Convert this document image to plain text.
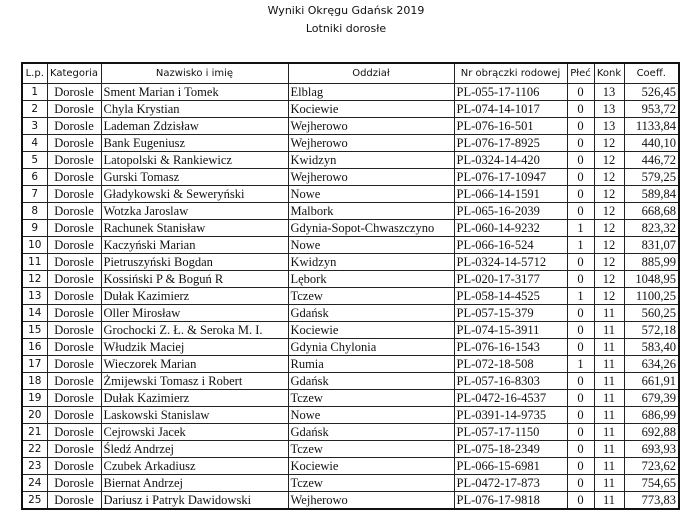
Wyniki Okręgu Gdańsk 2019
Lotniki dorosłe
L.p.	Kategoria	Nazwisko i imię	Oddział	Nr obrączki rodowej	Płeć	Konk	Coeff.
1	Dorosle	Sment Marian i Tomek	Elblag	PL-055-17-1106	0	13	526,45
2	Dorosle	Chyla Krystian	Kociewie	PL-074-14-1017	0	13	953,72
3	Dorosle	Lademan Zdzisław	Wejherowo	PL-076-16-501	0	13	1133,84
4	Dorosle	Bank Eugeniusz	Wejherowo	PL-076-17-8925	0	12	440,10
5	Dorosle	Latopolski & Rankiewicz	Kwidzyn	PL-0324-14-420	0	12	446,72
6	Dorosle	Gurski Tomasz	Wejherowo	PL-076-17-10947	0	12	579,25
7	Dorosle	Gładykowski & Seweryński	Nowe	PL-066-14-1591	0	12	589,84
8	Dorosle	Wotzka Jaroslaw	Malbork	PL-065-16-2039	0	12	668,68
9	Dorosle	Rachunek Stanisław	Gdynia-Sopot-Chwaszczyno	PL-060-14-9232	1	12	823,32
10	Dorosle	Kaczyński Marian	Nowe	PL-066-16-524	1	12	831,07
11	Dorosle	Pietruszyński Bogdan	Kwidzyn	PL-0324-14-5712	0	12	885,99
12	Dorosle	Kossiński P & Boguń R	Lębork	PL-020-17-3177	0	12	1048,95
13	Dorosle	Dułak Kazimierz	Tczew	PL-058-14-4525	1	12	1100,25
14	Dorosle	Oller Mirosław	Gdańsk	PL-057-15-379	0	11	560,25
15	Dorosle	Grochocki Z. Ł. & Seroka M. I.	Kociewie	PL-074-15-3911	0	11	572,18
16	Dorosle	Włudzik Maciej	Gdynia Chylonia	PL-076-16-1543	0	11	583,40
17	Dorosle	Wieczorek Marian	Rumia	PL-072-18-508	1	11	634,26
18	Dorosle	Żmijewski Tomasz i Robert	Gdańsk	PL-057-16-8303	0	11	661,91
19	Dorosle	Dułak Kazimierz	Tczew	PL-0472-16-4537	0	11	679,39
20	Dorosle	Laskowski Stanislaw	Nowe	PL-0391-14-9735	0	11	686,99
21	Dorosle	Cejrowski Jacek	Gdańsk	PL-057-17-1150	0	11	692,88
22	Dorosle	Śledź Andrzej	Tczew	PL-075-18-2349	0	11	693,93
23	Dorosle	Czubek Arkadiusz	Kociewie	PL-066-15-6981	0	11	723,62
24	Dorosle	Biernat Andrzej	Tczew	PL-0472-17-873	0	11	754,65
25	Dorosle	Dariusz i Patryk Dawidowski	Wejherowo	PL-076-17-9818	0	11	773,83
